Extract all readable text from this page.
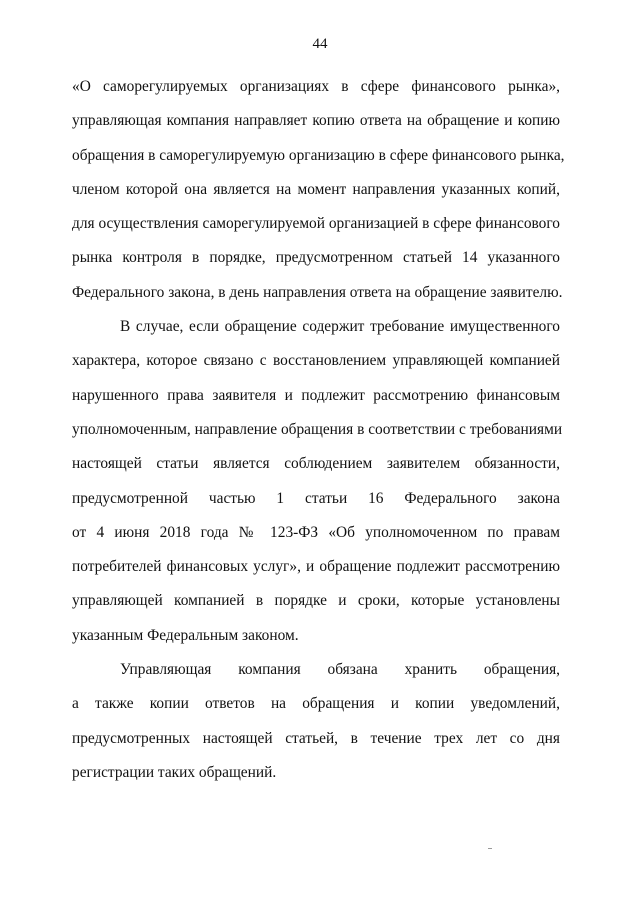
44
«О саморегулируемых организациях в сфере финансового рынка»,
управляющая компания направляет копию ответа на обращение и копию
обращения в саморегулируемую организацию в сфере финансового рынка,
членом которой она является на момент направления указанных копий,
для осуществления саморегулируемой организацией в сфере финансового
рынка контроля в порядке, предусмотренном статьей 14 указанного
Федерального закона, в день направления ответа на обращение заявителю.
В случае, если обращение содержит требование имущественного
характера, которое связано с восстановлением управляющей компанией
нарушенного права заявителя и подлежит рассмотрению финансовым
уполномоченным, направление обращения в соответствии с требованиями
настоящей статьи является соблюдением заявителем обязанности,
предусмотренной частью 1 статьи 16 Федерального закона
от 4 июня 2018 года № 123-ФЗ «Об уполномоченном по правам
потребителей финансовых услуг», и обращение подлежит рассмотрению
управляющей компанией в порядке и сроки, которые установлены
указанным Федеральным законом.
Управляющая компания обязана хранить обращения,
а также копии ответов на обращения и копии уведомлений,
предусмотренных настоящей статьей, в течение трех лет со дня
регистрации таких обращений.
